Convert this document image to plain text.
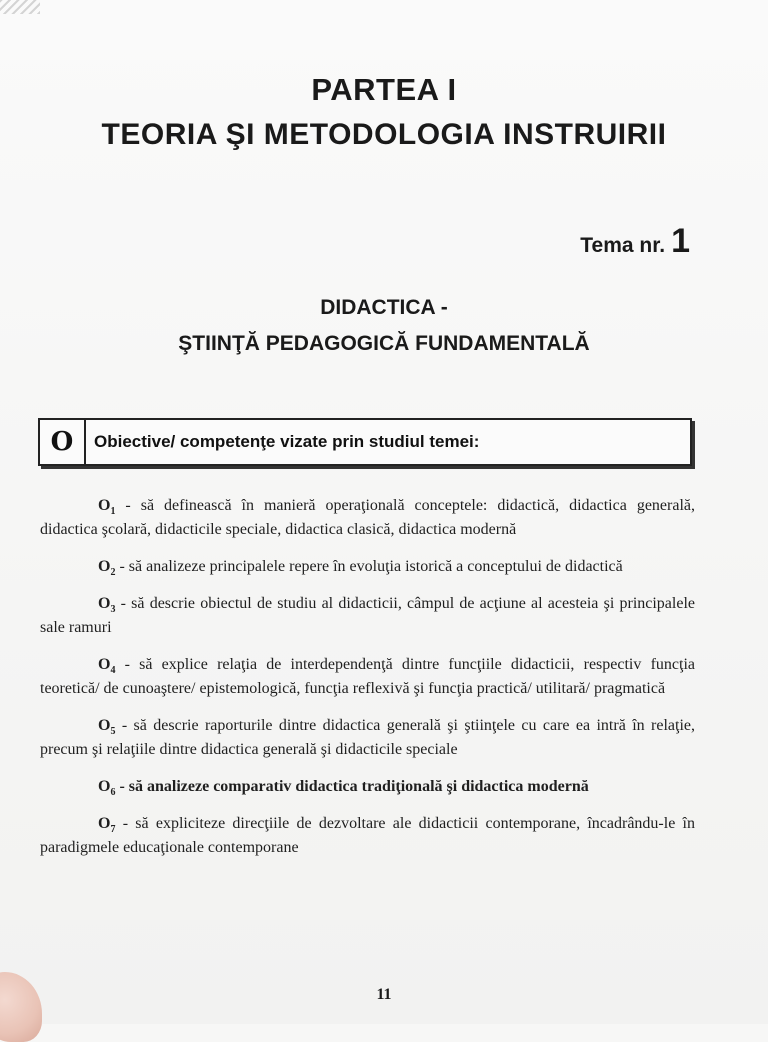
PARTEA I
TEORIA ŞI METODOLOGIA INSTRUIRII
Tema nr. 1
DIDACTICA -
ŞTIINŢĂ PEDAGOGICĂ FUNDAMENTALĂ
O	Obiective/ competenţe vizate prin studiul temei:

$O_1$ - să definească în manieră operaţională conceptele: didactică, didactica generală, didactica şcolară, didacticile speciale, didactica clasică, didactica modernă

$O_2$ - să analizeze principalele repere în evoluţia istorică a conceptului de didactică

$O_3$ - să descrie obiectul de studiu al didacticii, câmpul de acţiune al acesteia şi principalele sale ramuri

$O_4$ - să explice relaţia de interdependenţă dintre funcţiile didacticii, respectiv funcţia teoretică/ de cunoaştere/ epistemologică, funcţia reflexivă şi funcţia practică/ utilitară/ pragmatică

$O_5$ - să descrie raporturile dintre didactica generală şi ştiinţele cu care ea intră în relaţie, precum şi relaţiile dintre didactica generală şi didacticile speciale

$O_6$ - să analizeze comparativ didactica tradiţională şi didactica modernă

$O_7$ - să expliciteze direcţiile de dezvoltare ale didacticii contemporane, încadrându-le în paradigmele educaţionale contemporane

11
